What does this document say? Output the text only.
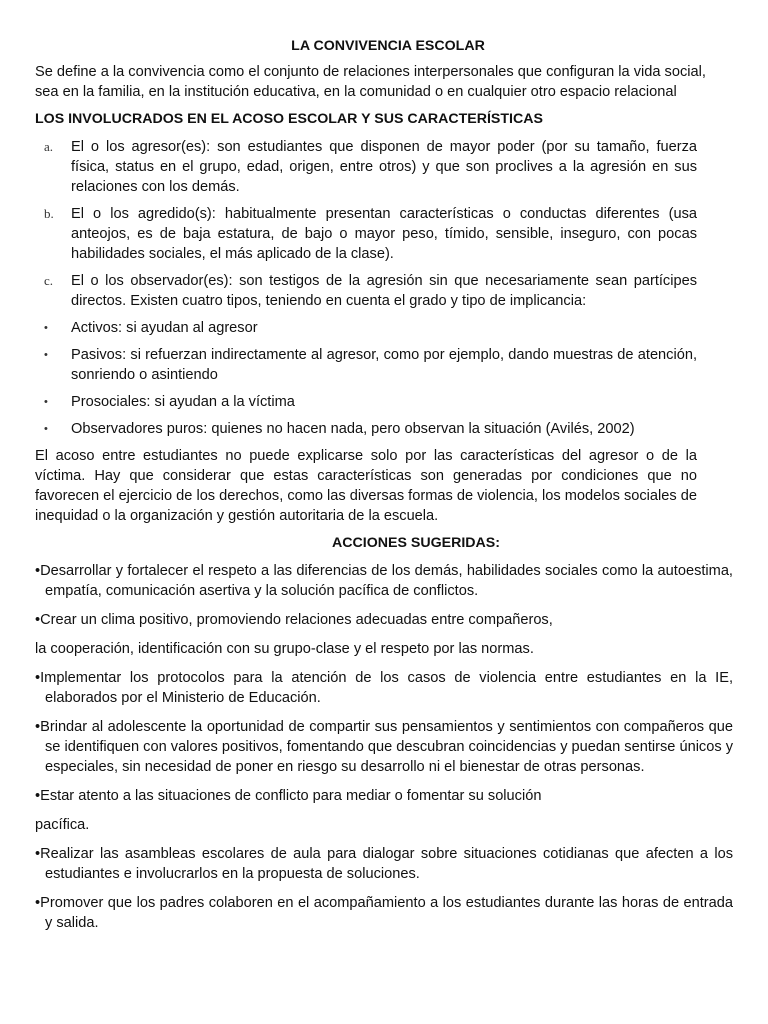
LA CONVIVENCIA ESCOLAR

Se define a la convivencia como el conjunto de relaciones interpersonales que configuran la vida social, sea en la familia, en la institución educativa, en la comunidad o en cualquier otro espacio relacional

LOS INVOLUCRADOS EN EL ACOSO ESCOLAR Y SUS CARACTERÍSTICAS

a. El o los agresor(es): son estudiantes que disponen de mayor poder (por su tamaño, fuerza física, status en el grupo, edad, origen, entre otros) y que son proclives a la agresión en sus relaciones con los demás.
b. El o los agredido(s): habitualmente presentan características o conductas diferentes (usa anteojos, es de baja estatura, de bajo o mayor peso, tímido, sensible, inseguro, con pocas habilidades sociales, el más aplicado de la clase).
c. El o los observador(es): son testigos de la agresión sin que necesariamente sean partícipes directos. Existen cuatro tipos, teniendo en cuenta el grado y tipo de implicancia:
• Activos: si ayudan al agresor
• Pasivos: si refuerzan indirectamente al agresor, como por ejemplo, dando muestras de atención, sonriendo o asintiendo
• Prosociales: si ayudan a la víctima
• Observadores puros: quienes no hacen nada, pero observan la situación (Avilés, 2002)

El acoso entre estudiantes no puede explicarse solo por las características del agresor o de la víctima. Hay que considerar que estas características son generadas por condiciones que no favorecen el ejercicio de los derechos, como las diversas formas de violencia, los modelos sociales de inequidad o la organización y gestión autoritaria de la escuela.

ACCIONES SUGERIDAS:

•Desarrollar y fortalecer el respeto a las diferencias de los demás, habilidades sociales como la autoestima, empatía, comunicación asertiva y la solución pacífica de conflictos.
•Crear un clima positivo, promoviendo relaciones adecuadas entre compañeros,

la cooperación, identificación con su grupo-clase y el respeto por las normas.

•Implementar los protocolos para la atención de los casos de violencia entre estudiantes en la IE, elaborados por el Ministerio de Educación.
•Brindar al adolescente la oportunidad de compartir sus pensamientos y sentimientos con compañeros que se identifiquen con valores positivos, fomentando que descubran coincidencias y puedan sentirse únicos y especiales, sin necesidad de poner en riesgo su desarrollo ni el bienestar de otras personas.
•Estar atento a las situaciones de conflicto para mediar o fomentar su solución

pacífica.

•Realizar las asambleas escolares de aula para dialogar sobre situaciones cotidianas que afecten a los estudiantes e involucrarlos en la propuesta de soluciones.
•Promover que los padres colaboren en el acompañamiento a los estudiantes durante las horas de entrada y salida.
